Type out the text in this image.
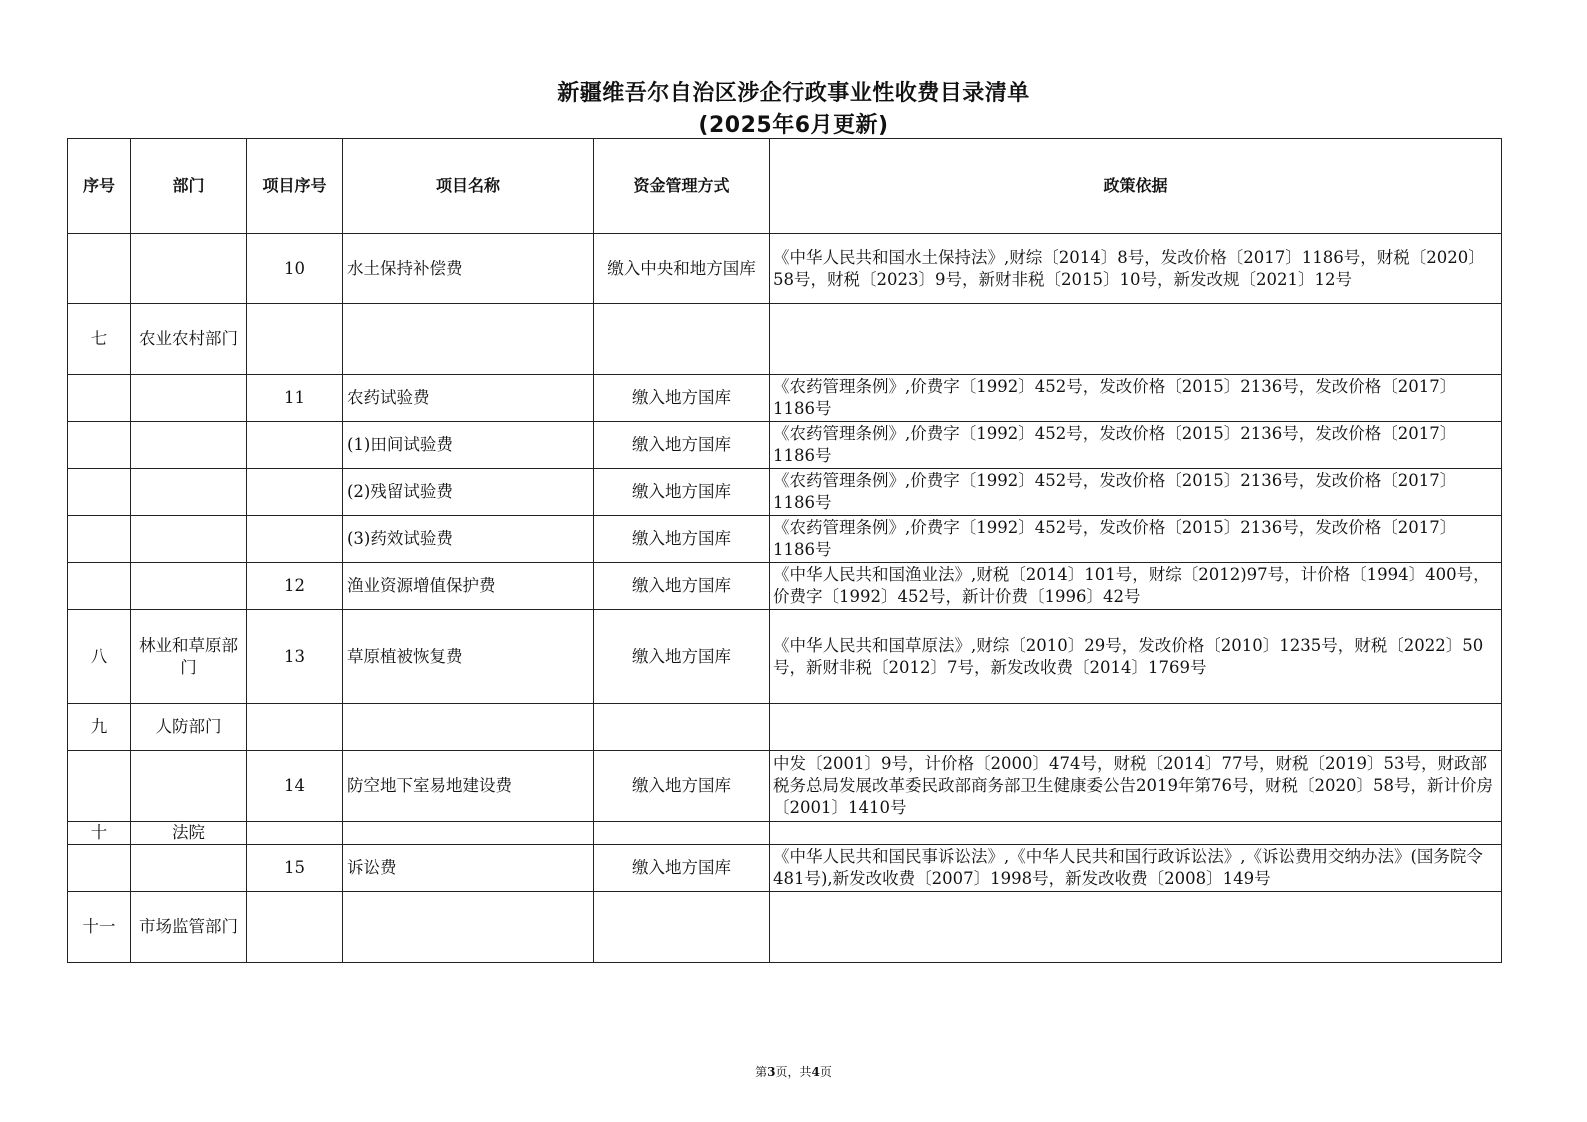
新疆维吾尔自治区涉企行政事业性收费目录清单
(2025年6月更新)
序号	部门	项目序号	项目名称	资金管理方式	政策依据
		10	水土保持补偿费	缴入中央和地方国库	《中华人民共和国水土保持法》,财综〔2014〕8号，发改价格〔2017〕1186号，财税〔2020〕58号，财税〔2023〕9号，新财非税〔2015〕10号，新发改规〔2021〕12号
七	农业农村部门				
		11	农药试验费	缴入地方国库	《农药管理条例》,价费字〔1992〕452号，发改价格〔2015〕2136号，发改价格〔2017〕1186号
			(1)田间试验费	缴入地方国库	《农药管理条例》,价费字〔1992〕452号，发改价格〔2015〕2136号，发改价格〔2017〕1186号
			(2)残留试验费	缴入地方国库	《农药管理条例》,价费字〔1992〕452号，发改价格〔2015〕2136号，发改价格〔2017〕1186号
			(3)药效试验费	缴入地方国库	《农药管理条例》,价费字〔1992〕452号，发改价格〔2015〕2136号，发改价格〔2017〕1186号
		12	渔业资源增值保护费	缴入地方国库	《中华人民共和国渔业法》,财税〔2014〕101号，财综〔2012)97号，计价格〔1994〕400号，价费字〔1992〕452号，新计价费〔1996〕42号
八	林业和草原部门	13	草原植被恢复费	缴入地方国库	《中华人民共和国草原法》,财综〔2010〕29号，发改价格〔2010〕1235号，财税〔2022〕50号，新财非税〔2012〕7号，新发改收费〔2014〕1769号
九	人防部门				
		14	防空地下室易地建设费	缴入地方国库	中发〔2001〕9号，计价格〔2000〕474号，财税〔2014〕77号，财税〔2019〕53号，财政部税务总局发展改革委民政部商务部卫生健康委公告2019年第76号，财税〔2020〕58号，新计价房〔2001〕1410号
十	法院				
		15	诉讼费	缴入地方国库	《中华人民共和国民事诉讼法》,《中华人民共和国行政诉讼法》,《诉讼费用交纳办法》(国务院令481号),新发改收费〔2007〕1998号，新发改收费〔2008〕149号
十一	市场监管部门				
第3页，共4页
